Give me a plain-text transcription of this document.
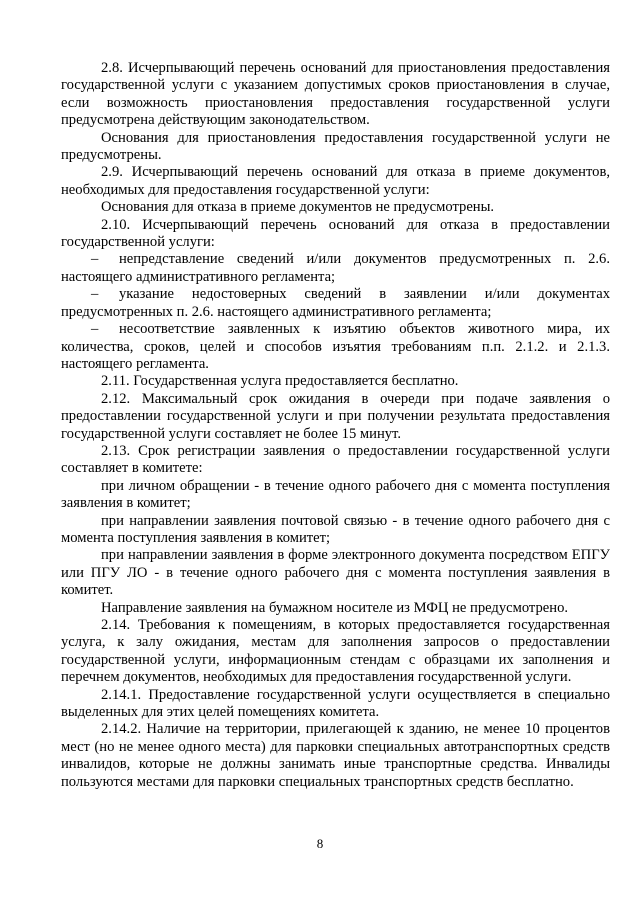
2.8. Исчерпывающий перечень оснований для приостановления предоставления государственной услуги с указанием допустимых сроков приостановления в случае, если возможность приостановления предоставления государственной услуги предусмотрена действующим законодательством.

Основания для приостановления предоставления государственной услуги не предусмотрены.

2.9. Исчерпывающий перечень оснований для отказа в приеме документов, необходимых для предоставления государственной услуги:

Основания для отказа в приеме документов не предусмотрены.

2.10. Исчерпывающий перечень оснований для отказа в предоставлении государственной услуги:

– непредставление сведений и/или документов предусмотренных п. 2.6. настоящего административного регламента;

– указание недостоверных сведений в заявлении и/или документах предусмотренных п. 2.6. настоящего административного регламента;

– несоответствие заявленных к изъятию объектов животного мира, их количества, сроков, целей и способов изъятия требованиям п.п. 2.1.2. и 2.1.3. настоящего регламента.

2.11. Государственная услуга предоставляется бесплатно.

2.12. Максимальный срок ожидания в очереди при подаче заявления о предоставлении государственной услуги и при получении результата предоставления государственной услуги составляет не более 15 минут.

2.13. Срок регистрации заявления о предоставлении государственной услуги составляет в комитете:

при личном обращении - в течение одного рабочего дня с момента поступления заявления в комитет;

при направлении заявления почтовой связью - в течение одного рабочего дня с момента поступления заявления в комитет;

при направлении заявления в форме электронного документа посредством ЕПГУ или ПГУ ЛО - в течение одного рабочего дня с момента поступления заявления в комитет.

Направление заявления на бумажном носителе из МФЦ не предусмотрено.

2.14. Требования к помещениям, в которых предоставляется государственная услуга, к залу ожидания, местам для заполнения запросов о предоставлении государственной услуги, информационным стендам с образцами их заполнения и перечнем документов, необходимых для предоставления государственной услуги.

2.14.1. Предоставление государственной услуги осуществляется в специально выделенных для этих целей помещениях комитета.

2.14.2. Наличие на территории, прилегающей к зданию, не менее 10 процентов мест (но не менее одного места) для парковки специальных автотранспортных средств инвалидов, которые не должны занимать иные транспортные средства. Инвалиды пользуются местами для парковки специальных транспортных средств бесплатно.

8
